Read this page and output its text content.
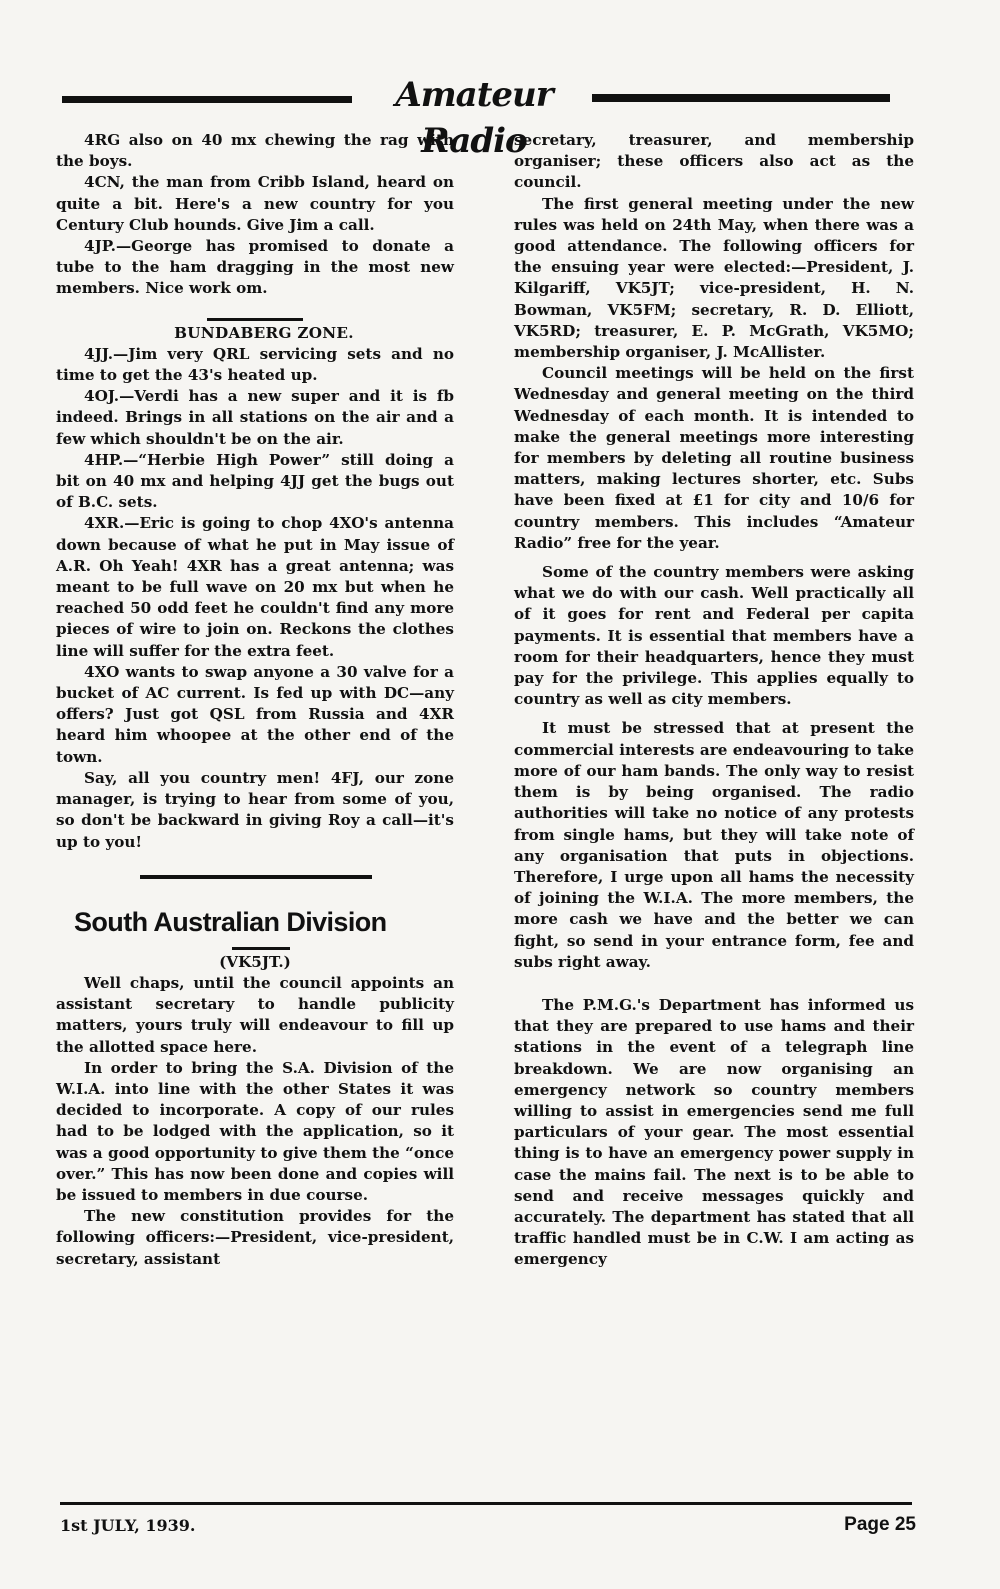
Amateur Radio

4RG also on 40 mx chewing the rag with the boys.

4CN, the man from Cribb Island, heard on quite a bit. Here's a new country for you Century Club hounds. Give Jim a call.

4JP.—George has promised to donate a tube to the ham dragging in the most new members. Nice work om.

BUNDABERG ZONE.

4JJ.—Jim very QRL servicing sets and no time to get the 43's heated up.

4OJ.—Verdi has a new super and it is fb indeed. Brings in all stations on the air and a few which shouldn't be on the air.

4HP.—“Herbie High Power” still doing a bit on 40 mx and helping 4JJ get the bugs out of B.C. sets.

4XR.—Eric is going to chop 4XO's antenna down because of what he put in May issue of A.R. Oh Yeah! 4XR has a great antenna; was meant to be full wave on 20 mx but when he reached 50 odd feet he couldn't find any more pieces of wire to join on. Reckons the clothes line will suffer for the extra feet.

4XO wants to swap anyone a 30 valve for a bucket of AC current. Is fed up with DC—any offers? Just got QSL from Russia and 4XR heard him whoopee at the other end of the town.

Say, all you country men! 4FJ, our zone manager, is trying to hear from some of you, so don't be backward in giving Roy a call—it's up to you!

South Australian Division
(VK5JT.)

Well chaps, until the council appoints an assistant secretary to handle publicity matters, yours truly will endeavour to fill up the allotted space here.

In order to bring the S.A. Division of the W.I.A. into line with the other States it was decided to incorporate. A copy of our rules had to be lodged with the application, so it was a good opportunity to give them the “once over.” This has now been done and copies will be issued to members in due course.

The new constitution provides for the following officers:—President, vice-president, secretary, assistant

secretary, treasurer, and membership organiser; these officers also act as the council.

The first general meeting under the new rules was held on 24th May, when there was a good attendance. The following officers for the ensuing year were elected:—President, J. Kilgariff, VK5JT; vice-president, H. N. Bowman, VK5FM; secretary, R. D. Elliott, VK5RD; treasurer, E. P. McGrath, VK5MO; membership organiser, J. McAllister.

Council meetings will be held on the first Wednesday and general meeting on the third Wednesday of each month. It is intended to make the general meetings more interesting for members by deleting all routine business matters, making lectures shorter, etc. Subs have been fixed at £1 for city and 10/6 for country members. This includes “Amateur Radio” free for the year.

Some of the country members were asking what we do with our cash. Well practically all of it goes for rent and Federal per capita payments. It is essential that members have a room for their headquarters, hence they must pay for the privilege. This applies equally to country as well as city members.

It must be stressed that at present the commercial interests are endeavouring to take more of our ham bands. The only way to resist them is by being organised. The radio authorities will take no notice of any protests from single hams, but they will take note of any organisation that puts in objections. Therefore, I urge upon all hams the necessity of joining the W.I.A. The more members, the more cash we have and the better we can fight, so send in your entrance form, fee and subs right away.

The P.M.G.'s Department has informed us that they are prepared to use hams and their stations in the event of a telegraph line breakdown. We are now organising an emergency network so country members willing to assist in emergencies send me full particulars of your gear. The most essential thing is to have an emergency power supply in case the mains fail. The next is to be able to send and receive messages quickly and accurately. The department has stated that all traffic handled must be in C.W. I am acting as emergency

1st JULY, 1939.	Page 25
